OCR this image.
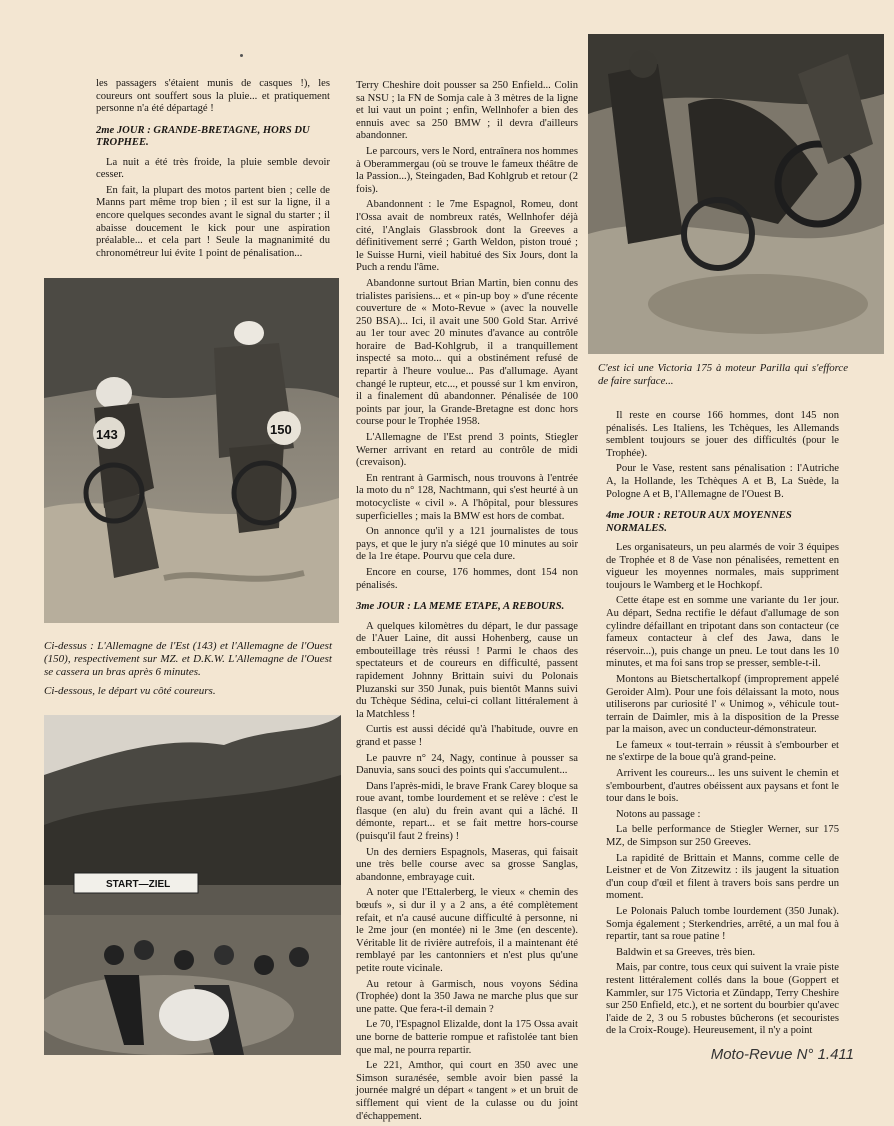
les passagers s'étaient munis de casques !), les coureurs ont souffert sous la pluie... et pratiquement personne n'a été départagé !

2me JOUR : GRANDE-BRETAGNE, HORS DU TROPHEE.

La nuit a été très froide, la pluie semble devoir cesser.

En fait, la plupart des motos partent bien ; celle de Manns part même trop bien ; il est sur la ligne, il a encore quelques secondes avant le signal du starter ; il abaisse doucement le kick pour une aspiration préalable... et cela part ! Seule la magnanimité du chronométreur lui évite 1 point de pénalisation...

143	150

Ci-dessus : L'Allemagne de l'Est (143) et l'Allemagne de l'Ouest (150), respectivement sur MZ. et D.K.W. L'Allemagne de l'Ouest se cassera un bras après 6 minutes.

Ci-dessous, le départ vu côté coureurs.

START—ZIEL

Terry Cheshire doit pousser sa 250 Enfield... Colin sa NSU ; la FN de Somja cale à 3 mètres de la ligne et lui vaut un point ; enfin, Wellnhofer a bien des ennuis avec sa 250 BMW ; il devra d'ailleurs abandonner.

Le parcours, vers le Nord, entraînera nos hommes à Oberammergau (où se trouve le fameux théâtre de la Passion...), Steingaden, Bad Kohlgrub et retour (2 fois).

Abandonnent : le 7me Espagnol, Romeu, dont l'Ossa avait de nombreux ratés, Wellnhofer déjà cité, l'Anglais Glassbrook dont la Greeves a définitivement serré ; Garth Weldon, piston troué ; le Suisse Hurni, vieil habitué des Six Jours, dont la Puch a rendu l'âme.

Abandonne surtout Brian Martin, bien connu des trialistes parisiens... et « pin-up boy » d'une récente couverture de « Moto-Revue » (avec la nouvelle 250 BSA)... Ici, il avait une 500 Gold Star. Arrivé au 1er tour avec 20 minutes d'avance au contrôle horaire de Bad-Kohlgrub, il a tranquillement inspecté sa moto... qui a obstinément refusé de repartir à l'heure voulue... Pas d'allumage. Ayant changé le rupteur, etc..., et poussé sur 1 km environ, il a finalement dû abandonner. Pénalisée de 100 points par jour, la Grande-Bretagne est donc hors course pour le Trophée 1958.

L'Allemagne de l'Est prend 3 points, Stiegler Werner arrivant en retard au contrôle de midi (crevaison).

En rentrant à Garmisch, nous trouvons à l'entrée la moto du n° 128, Nachtmann, qui s'est heurté à un motocycliste « civil ». A l'hôpital, pour blessures superficielles ; mais la BMW est hors de combat.

On annonce qu'il y a 121 journalistes de tous pays, et que le jury n'a siégé que 10 minutes au soir de la 1re étape. Pourvu que cela dure.

Encore en course, 176 hommes, dont 154 non pénalisés.

3me JOUR : LA MEME ETAPE, A REBOURS.

A quelques kilomètres du départ, le dur passage de l'Auer Laine, dit aussi Hohenberg, cause un embouteillage très réussi ! Parmi le chaos des spectateurs et de coureurs en difficulté, passent rapidement Johnny Brittain suivi du Polonais Pluzanski sur 350 Junak, puis bientôt Manns suivi du Tchèque Sédina, celui-ci collant littéralement à la Matchless !

Curtis est aussi décidé qu'à l'habitude, ouvre en grand et passe !

Le pauvre n° 24, Nagy, continue à pousser sa Danuvia, sans souci des points qui s'accumulent...

Dans l'après-midi, le brave Frank Carey bloque sa roue avant, tombe lourdement et se relève : c'est le flasque (en alu) du frein avant qui a lâché. Il démonte, repart... et se fait mettre hors-course (puisqu'il faut 2 freins) !

Un des derniers Espagnols, Maseras, qui faisait une très belle course avec sa grosse Sanglas, abandonne, embrayage cuit.

A noter que l'Ettalerberg, le vieux « chemin des bœufs », si dur il y a 2 ans, a été complètement refait, et n'a causé aucune difficulté à personne, ni le 2me jour (en montée) ni le 3me (en descente). Véritable lit de rivière autrefois, il a maintenant été remblayé par les cantonniers et n'est plus qu'une petite route vicinale.

Au retour à Garmisch, nous voyons Sédina (Trophée) dont la 350 Jawa ne marche plus que sur une patte. Que fera-t-il demain ?

Le 70, l'Espagnol Elizalde, dont la 175 Ossa avait une borne de batterie rompue et rafistolée tant bien que mal, ne pourra repartir.

Le 221, Amthor, qui court en 350 avec une Simson surалésée, semble avoir bien passé la journée malgré un départ « tangent » et un bruit de sifflement qui vient de la culasse ou du joint d'échappement.

C'est ici une Victoria 175 à moteur Parilla qui s'efforce de faire surface...

Il reste en course 166 hommes, dont 145 non pénalisés. Les Italiens, les Tchèques, les Allemands semblent toujours se jouer des difficultés (pour le Trophée).

Pour le Vase, restent sans pénalisation : l'Autriche A, la Hollande, les Tchèques A et B, La Suède, la Pologne A et B, l'Allemagne de l'Ouest B.

4me JOUR : RETOUR AUX MOYENNES NORMALES.

Les organisateurs, un peu alarmés de voir 3 équipes de Trophée et 8 de Vase non pénalisées, remettent en vigueur les moyennes normales, mais suppriment toujours le Wamberg et le Hochkopf.

Cette étape est en somme une variante du 1er jour. Au départ, Sedna rectifie le défaut d'allumage de son cylindre défaillant en tripotant dans son contacteur (ce fameux contacteur à clef des Jawa, dans le réservoir...), puis change un pneu. Le tout dans les 10 minutes, et ma foi sans trop se presser, semble-t-il.

Montons au Bietschertalkopf (improprement appelé Geroider Alm). Pour une fois délaissant la moto, nous utiliserons par curiosité l' « Unimog », véhicule tout-terrain de Daimler, mis à la disposition de la Presse par la maison, avec un conducteur-démonstrateur.

Le fameux « tout-terrain » réussit à s'embourber et ne s'extirpe de la boue qu'à grand-peine.

Arrivent les coureurs... les uns suivent le chemin et s'embourbent, d'autres obéissent aux paysans et font le tour dans le bois.

Notons au passage :

La belle performance de Stiegler Werner, sur 175 MZ, de Simpson sur 250 Greeves.

La rapidité de Brittain et Manns, comme celle de Leistner et de Von Zitzewitz : ils jaugent la situation d'un coup d'œil et filent à travers bois sans perdre un moment.

Le Polonais Paluch tombe lourdement (350 Junak). Somja également ; Sterkendries, arrêté, a un mal fou à repartir, tant sa roue patine !

Baldwin et sa Greeves, très bien.

Mais, par contre, tous ceux qui suivent la vraie piste restent littéralement collés dans la boue (Goppert et Kammler, sur 175 Victoria et Zündapp, Terry Cheshire sur 250 Enfield, etc.), et ne sortent du bourbier qu'avec l'aide de 2, 3 ou 5 robustes bûcherons (et secouristes de la Croix-Rouge). Heureusement, il n'y a point

Moto-Revue N° 1.411
